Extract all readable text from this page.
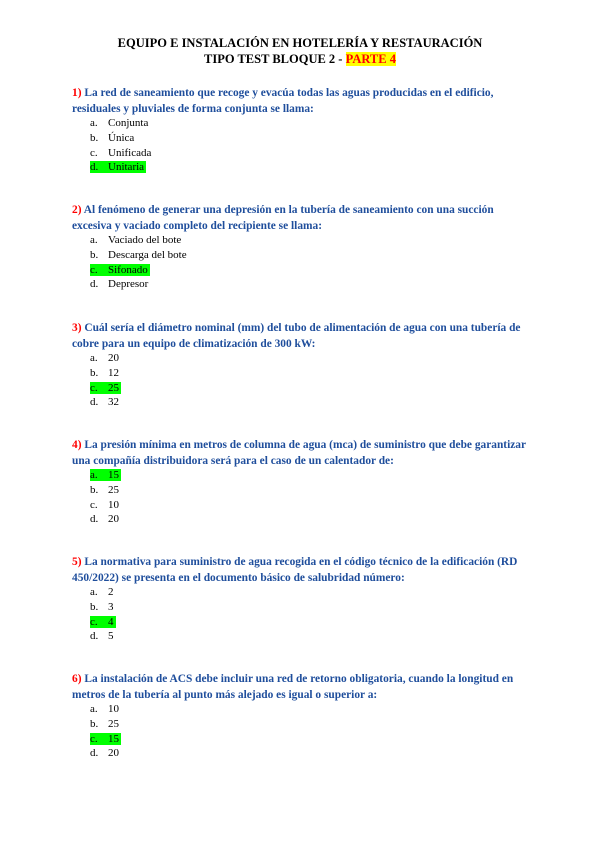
EQUIPO E INSTALACIÓN EN HOTELERÍA Y RESTAURACIÓN
TIPO TEST BLOQUE 2 - PARTE 4
1) La red de saneamiento que recoge y evacúa todas las aguas producidas en el edificio, residuales y pluviales de forma conjunta se llama:
a. Conjunta
b. Única
c. Unificada
d. Unitaria
2) Al fenómeno de generar una depresión en la tubería de saneamiento con una succión excesiva y vaciado completo del recipiente se llama:
a. Vaciado del bote
b. Descarga del bote
c. Sifonado
d. Depresor
3) Cuál sería el diámetro nominal (mm) del tubo de alimentación de agua con una tubería de cobre para un equipo de climatización de 300 kW:
a. 20
b. 12
c. 25
d. 32
4) La presión mínima en metros de columna de agua (mca) de suministro que debe garantizar una compañía distribuidora será para el caso de un calentador de:
a. 15
b. 25
c. 10
d. 20
5) La normativa para suministro de agua recogida en el código técnico de la edificación (RD 450/2022) se presenta en el documento básico de salubridad número:
a. 2
b. 3
c. 4
d. 5
6) La instalación de ACS debe incluir una red de retorno obligatoria, cuando la longitud en metros de la tubería al punto más alejado es igual o superior a:
a. 10
b. 25
c. 15
d. 20
